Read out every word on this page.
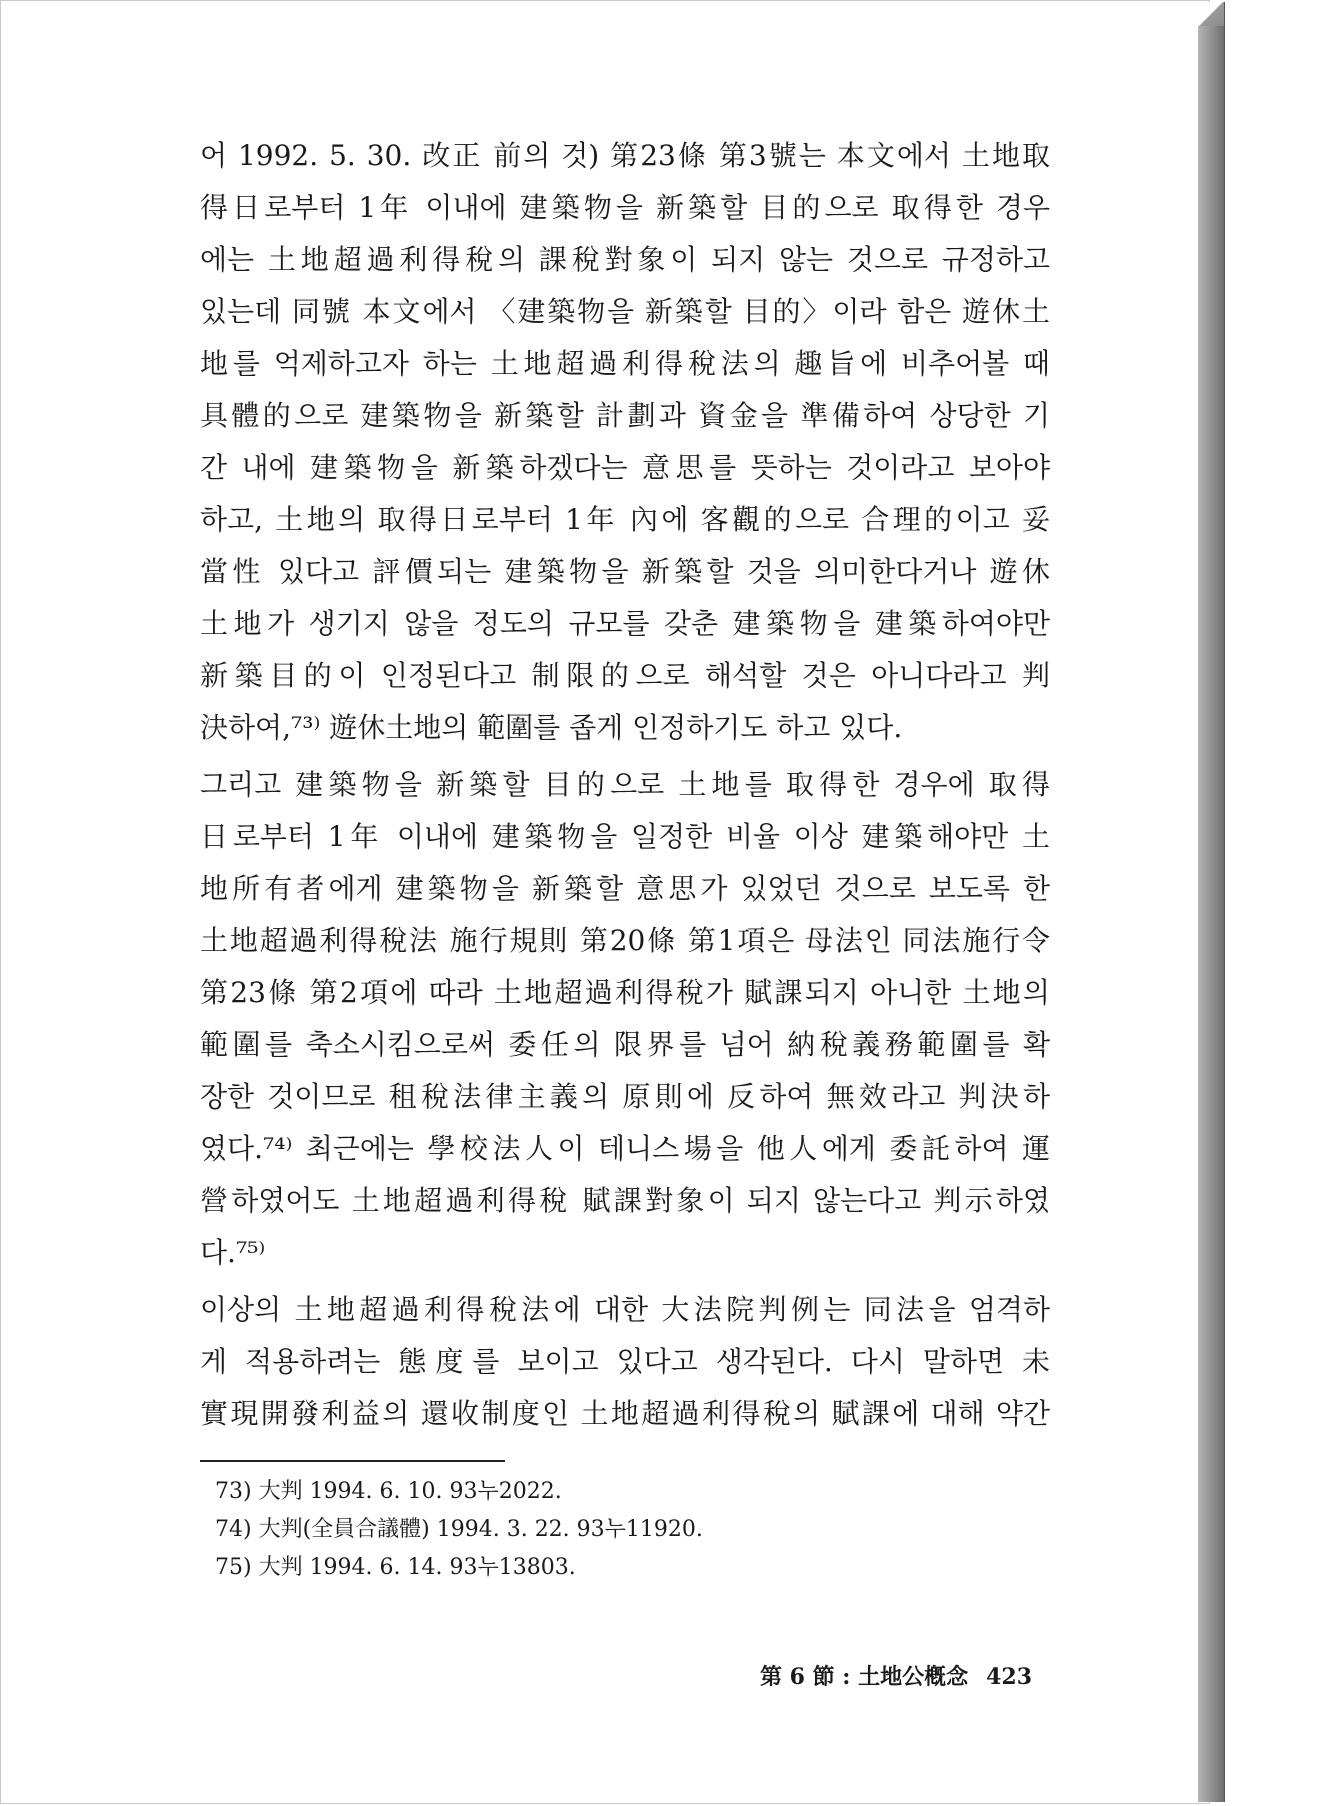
어 1992. 5. 30. 改正 前의 것) 第23條 第3號는 本文에서 土地取
得日로부터 1年 이내에 建築物을 新築할 目的으로 取得한 경우
에는 土地超過利得稅의 課稅對象이 되지 않는 것으로 규정하고
있는데 同號 本文에서 〈建築物을 新築할 目的〉이라 함은 遊休土
地를 억제하고자 하는 土地超過利得稅法의 趣旨에 비추어볼 때
具體的으로 建築物을 新築할 計劃과 資金을 準備하여 상당한 기
간 내에 建築物을 新築하겠다는 意思를 뜻하는 것이라고 보아야
하고, 土地의 取得日로부터 1年 內에 客觀的으로 合理的이고 妥
當性 있다고 評價되는 建築物을 新築할 것을 의미한다거나 遊休
土地가 생기지 않을 정도의 규모를 갖춘 建築物을 建築하여야만
新築目的이 인정된다고 制限的으로 해석할 것은 아니다라고 判
決하여,⁷³⁾ 遊休土地의 範圍를 좁게 인정하기도 하고 있다.
그리고 建築物을 新築할 目的으로 土地를 取得한 경우에 取得
日로부터 1年 이내에 建築物을 일정한 비율 이상 建築해야만 土
地所有者에게 建築物을 新築할 意思가 있었던 것으로 보도록 한
土地超過利得稅法 施行規則 第20條 第1項은 母法인 同法施行令
第23條 第2項에 따라 土地超過利得稅가 賦課되지 아니한 土地의
範圍를 축소시킴으로써 委任의 限界를 넘어 納稅義務範圍를 확
장한 것이므로 租稅法律主義의 原則에 反하여 無效라고 判決하
였다.⁷⁴⁾ 최근에는 學校法人이 테니스場을 他人에게 委託하여 運
營하였어도 土地超過利得稅 賦課對象이 되지 않는다고 判示하였
다.⁷⁵⁾
이상의 土地超過利得稅法에 대한 大法院判例는 同法을 엄격하
게 적용하려는 態度를 보이고 있다고 생각된다. 다시 말하면 未
實現開發利益의 還收制度인 土地超過利得稅의 賦課에 대해 약간
73) 大判 1994. 6. 10. 93누2022.
74) 大判(全員合議體) 1994. 3. 22. 93누11920.
75) 大判 1994. 6. 14. 93누13803.
第 6 節 : 土地公槪念 423
